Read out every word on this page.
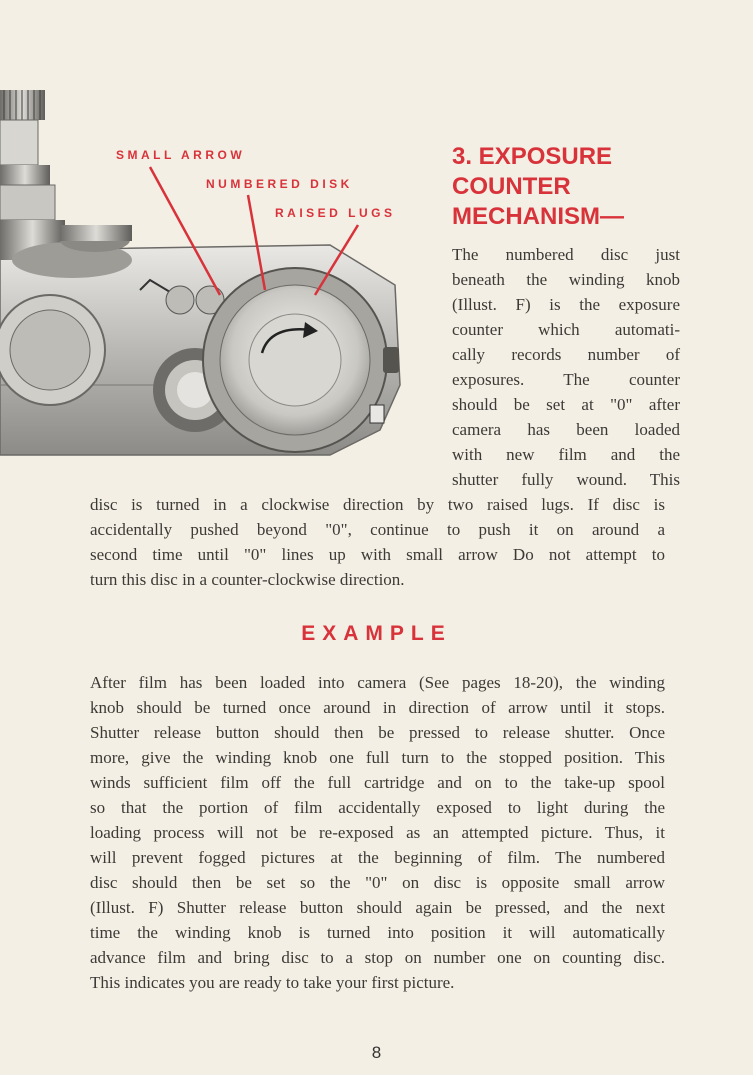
SMALL ARROW
NUMBERED DISK
RAISED LUGS
3. EXPOSURE
COUNTER
MECHANISM—
The numbered disc just
beneath the winding knob
(Illust. F) is the exposure
counter which automati-
cally records number of
exposures. The counter
should be set at "0" after
camera has been loaded
with new film and the
shutter fully wound. This
disc is turned in a clockwise direction by two raised lugs. If disc is
accidentally pushed beyond "0", continue to push it on around a
second time until "0" lines up with small arrow Do not attempt to
turn this disc in a counter-clockwise direction.
EXAMPLE
After film has been loaded into camera (See pages 18-20), the winding
knob should be turned once around in direction of arrow until it stops.
Shutter release button should then be pressed to release shutter. Once
more, give the winding knob one full turn to the stopped position. This
winds sufficient film off the full cartridge and on to the take-up spool
so that the portion of film accidentally exposed to light during the
loading process will not be re-exposed as an attempted picture. Thus, it
will prevent fogged pictures at the beginning of film. The numbered
disc should then be set so the "0" on disc is opposite small arrow
(Illust. F) Shutter release button should again be pressed, and the next
time the winding knob is turned into position it will automatically
advance film and bring disc to a stop on number one on counting disc.
This indicates you are ready to take your first picture.
8
